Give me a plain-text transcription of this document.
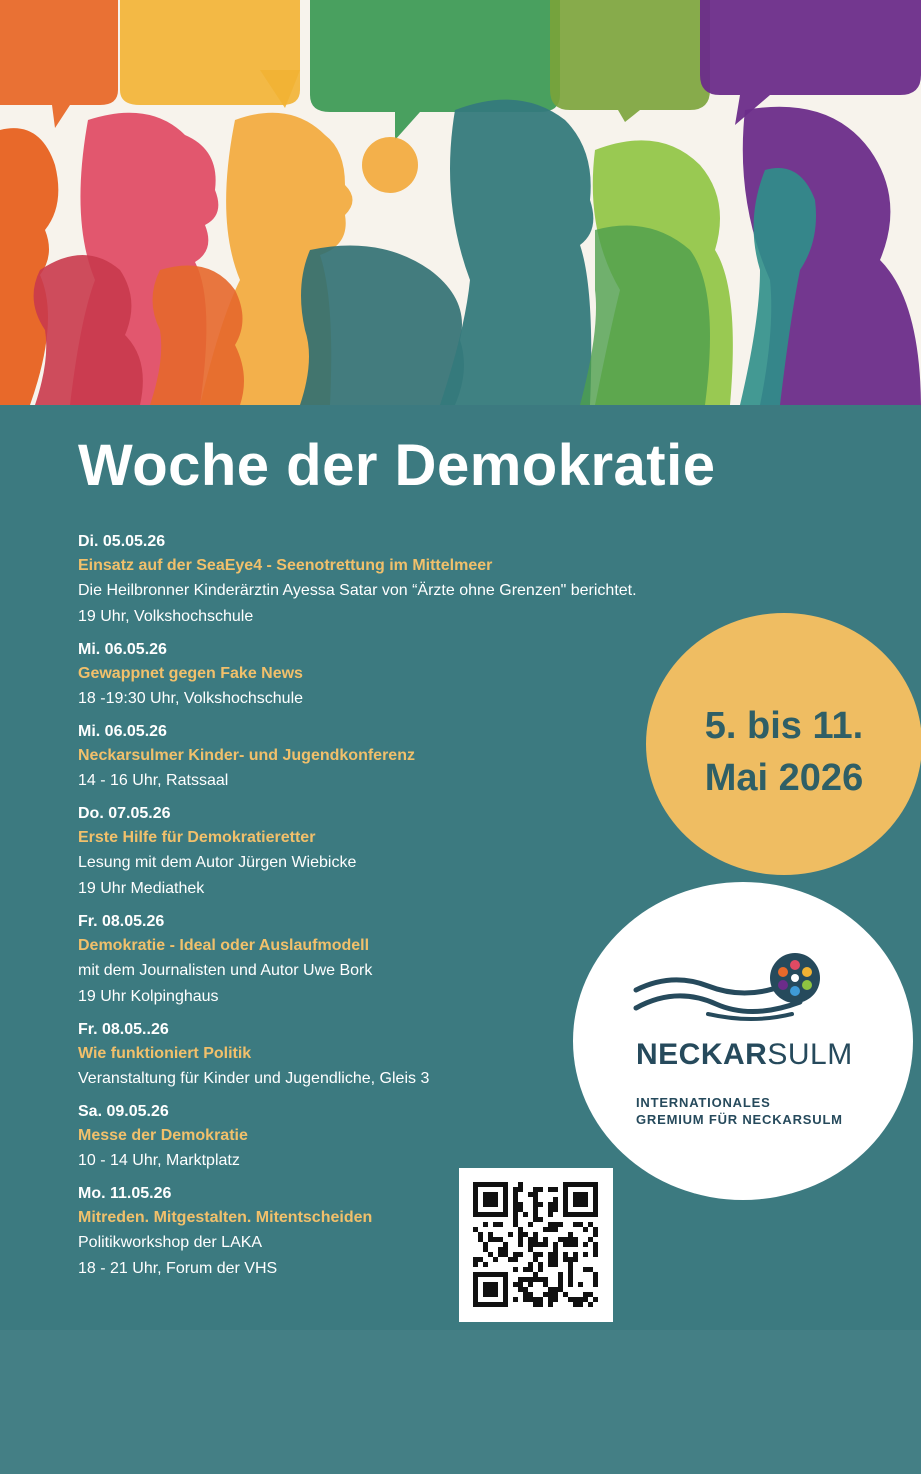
Woche der Demokratie
Di. 05.05.26
Einsatz auf der SeaEye4 - Seenotrettung im Mittelmeer
Die Heilbronner Kinderärztin Ayessa Satar von “Ärzte ohne Grenzen" berichtet.
19 Uhr, Volkshochschule
Mi. 06.05.26
Gewappnet gegen Fake News
18 -19:30 Uhr, Volkshochschule
Mi. 06.05.26
Neckarsulmer Kinder- und Jugendkonferenz
14 - 16 Uhr, Ratssaal
Do. 07.05.26
Erste Hilfe für Demokratieretter
Lesung mit dem Autor Jürgen Wiebicke
19 Uhr Mediathek
Fr. 08.05.26
Demokratie - Ideal oder Auslaufmodell
mit dem Journalisten und Autor Uwe Bork
19 Uhr Kolpinghaus
Fr. 08.05..26
Wie funktioniert Politik
Veranstaltung für Kinder und Jugendliche, Gleis 3
Sa. 09.05.26
Messe der Demokratie
10 - 14 Uhr, Marktplatz
Mo. 11.05.26
Mitreden. Mitgestalten. Mitentscheiden
Politikworkshop der LAKA
18 - 21 Uhr, Forum der VHS
5. bis 11.
Mai 2026
NECKARSULM
INTERNATIONALES
GREMIUM FÜR NECKARSULM
